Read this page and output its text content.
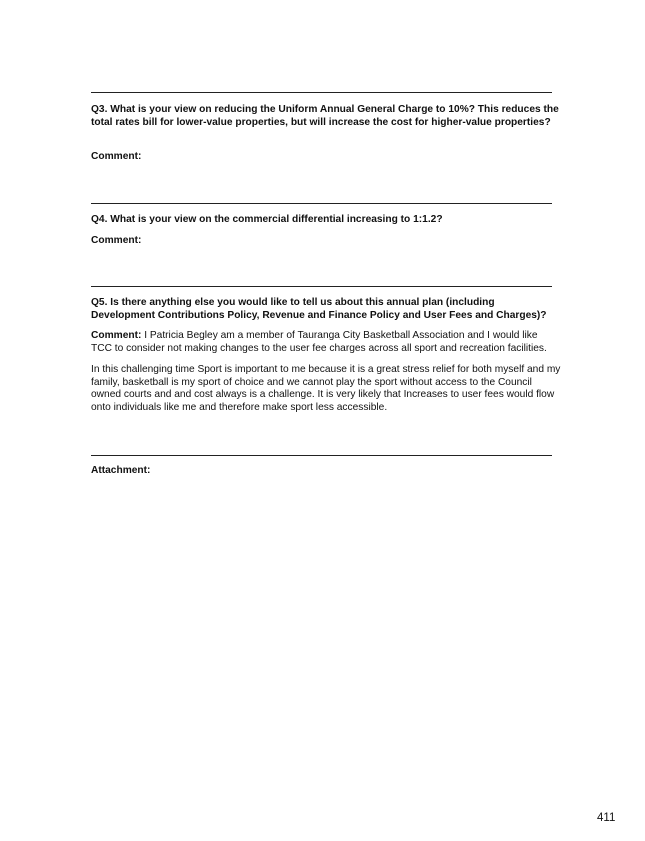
Q3. What is your view on reducing the Uniform Annual General Charge to 10%? This reduces the total rates bill for lower-value properties, but will increase the cost for higher-value properties?
Comment:
Q4. What is your view on the commercial differential increasing to 1:1.2?
Comment:
Q5. Is there anything else you would like to tell us about this annual plan (including Development Contributions Policy, Revenue and Finance Policy and User Fees and Charges)?
Comment: I Patricia Begley am a member of Tauranga City Basketball Association and I would like TCC to consider not making changes to the user fee charges across all sport and recreation facilities.
In this challenging time Sport is important to me because it is a great stress relief for both myself and my family, basketball is my sport of choice and we cannot play the sport without access to the Council owned courts and and cost always is a challenge. It is very likely that Increases to user fees would flow onto individuals like me and therefore make sport less accessible.
Attachment:
411
